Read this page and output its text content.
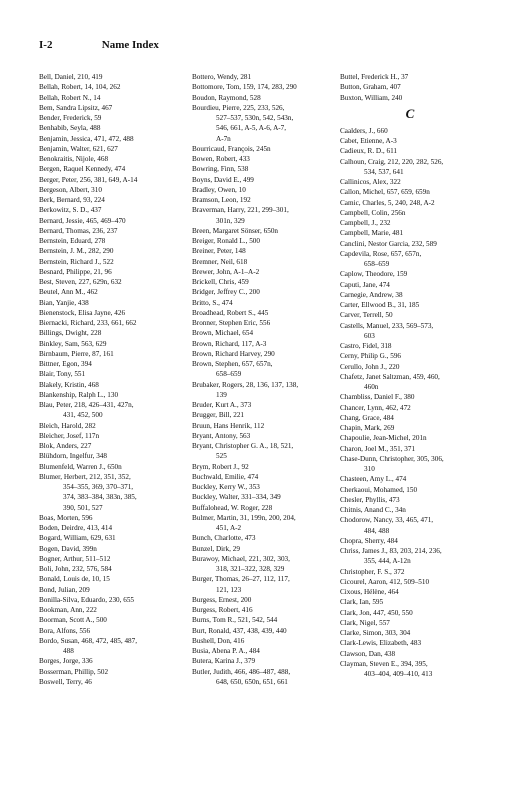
I-2	Name Index
Bell, Daniel, 210, 419
Bellah, Robert, 14, 104, 262
Bellah, Robert N., 14
Bem, Sandra Lipsitz, 467
Bender, Frederick, 59
Benhabib, Seyla, 488
Benjamin, Jessica, 471, 472, 488
Benjamin, Walter, 621, 627
Benokraitis, Nijole, 468
Bergen, Raquel Kennedy, 474
Berger, Peter, 256, 381, 649, A-14
Bergeson, Albert, 310
Berk, Bernard, 93, 224
Berkowitz, S. D., 437
Bernard, Jessie, 465, 469–470
Bernard, Thomas, 236, 237
Bernstein, Eduard, 278
Bernstein, J. M., 282, 290
Bernstein, Richard J., 522
Besnard, Philippe, 21, 96
Best, Steven, 227, 629n, 632
Beutel, Ann M., 462
Bian, Yanjie, 438
Bienenstock, Elisa Jayne, 426
Biernacki, Richard, 233, 661, 662
Billings, Dwight, 228
Binkley, Sam, 563, 629
Birnbaum, Pierre, 87, 161
Bittner, Egon, 394
Blair, Tony, 551
Blakely, Kristin, 468
Blankenship, Ralph L., 130
Blau, Peter, 218, 426–431, 427n,
431, 452, 500
Bleich, Harold, 282
Bleicher, Josef, 117n
Blok, Anders, 227
Blühdorn, Ingelfur, 348
Blumenfeld, Warren J., 650n
Blumer, Herbert, 212, 351, 352,
354–355, 369, 370–371,
374, 383–384, 383n, 385,
390, 501, 527
Boas, Morten, 596
Boden, Deirdre, 413, 414
Bogard, William, 629, 631
Bogen, David, 399n
Bogner, Arthur, 511–512
Boli, John, 232, 576, 584
Bonald, Louis de, 10, 15
Bond, Julian, 209
Bonilla-Silva, Eduardo, 230, 655
Bookman, Ann, 222
Boorman, Scott A., 500
Bora, Alfons, 556
Bordo, Susan, 468, 472, 485, 487,
488
Borges, Jorge, 336
Bosserman, Phillip, 502
Boswell, Terry, 46
Bottero, Wendy, 281
Bottomore, Tom, 159, 174, 283, 290
Boudon, Raymond, 528
Bourdieu, Pierre, 225, 233, 526,
527–537, 530n, 542, 543n,
546, 661, A-5, A-6, A-7,
A-7n
Bourricaud, François, 245n
Bowen, Robert, 433
Bowring, Finn, 538
Boyns, David E., 499
Bradley, Owen, 10
Bramson, Leon, 192
Braverman, Harry, 221, 299–301,
301n, 329
Breen, Margaret Sönser, 650n
Breiger, Ronald L., 500
Breiner, Peter, 148
Bremner, Neil, 618
Brewer, John, A-1–A-2
Brickell, Chris, 459
Bridger, Jeffrey C., 200
Britto, S., 474
Broadhead, Robert S., 445
Bronner, Stephen Eric, 556
Brown, Michael, 654
Brown, Richard, 117, A-3
Brown, Richard Harvey, 290
Brown, Stephen, 657, 657n,
658–659
Brubaker, Rogers, 28, 136, 137, 138,
139
Bruder, Kurt A., 373
Brugger, Bill, 221
Bruun, Hans Henrik, 112
Bryant, Antony, 563
Bryant, Christopher G. A., 18, 521,
525
Brym, Robert J., 92
Buchwald, Emilie, 474
Buckley, Kerry W., 353
Buckley, Walter, 331–334, 349
Buffalohead, W. Roger, 228
Bulmer, Martin, 31, 199n, 200, 204,
451, A-2
Bunch, Charlotte, 473
Bunzel, Dirk, 29
Burawoy, Michael, 221, 302, 303,
318, 321–322, 328, 329
Burger, Thomas, 26–27, 112, 117,
121, 123
Burgess, Ernest, 200
Burgess, Robert, 416
Burns, Tom R., 521, 542, 544
Burt, Ronald, 437, 438, 439, 440
Bushell, Don, 416
Busia, Abena P. A., 484
Butera, Karina J., 379
Butler, Judith, 466, 486–487, 488,
648, 650, 650n, 651, 661
Buttel, Frederick H., 37
Button, Graham, 407
Buxton, William, 240
C
Caalders, J., 660
Cabet, Etienne, A-3
Cadieux, R. D., 611
Calhoun, Craig, 212, 220, 282, 526,
534, 537, 641
Callinicos, Alex, 322
Callon, Michel, 657, 659, 659n
Camic, Charles, 5, 240, 248, A-2
Campbell, Colin, 256n
Campbell, J., 232
Campbell, Marie, 481
Canclini, Nestor Garcia, 232, 589
Capdevila, Rose, 657, 657n,
658–659
Caplow, Theodore, 159
Caputi, Jane, 474
Carnegie, Andrew, 38
Carter, Ellwood B., 31, 185
Carver, Terrell, 50
Castells, Manuel, 233, 569–573,
603
Castro, Fidel, 318
Cerny, Philip G., 596
Cerullo, John J., 220
Chafetz, Janet Saltzman, 459, 460,
460n
Chambliss, Daniel F., 380
Chancer, Lynn, 462, 472
Chang, Grace, 484
Chapin, Mark, 269
Chapoulie, Jean-Michel, 201n
Charon, Joel M., 351, 371
Chase-Dunn, Christopher, 305, 306,
310
Chasteen, Amy L., 474
Cherkaoui, Mohamed, 150
Chesler, Phyllis, 473
Chitnis, Anand C., 34n
Chodorow, Nancy, 33, 465, 471,
484, 488
Chopra, Sherry, 484
Chriss, James J., 83, 203, 214, 236,
355, 444, A-12n
Christopher, F. S., 372
Cicourel, Aaron, 412, 509–510
Cixous, Hélène, 464
Clark, Ian, 595
Clark, Jon, 447, 450, 550
Clark, Nigel, 557
Clarke, Simon, 303, 304
Clark-Lewis, Elizabeth, 483
Clawson, Dan, 438
Clayman, Steven E., 394, 395,
403–404, 409–410, 413
